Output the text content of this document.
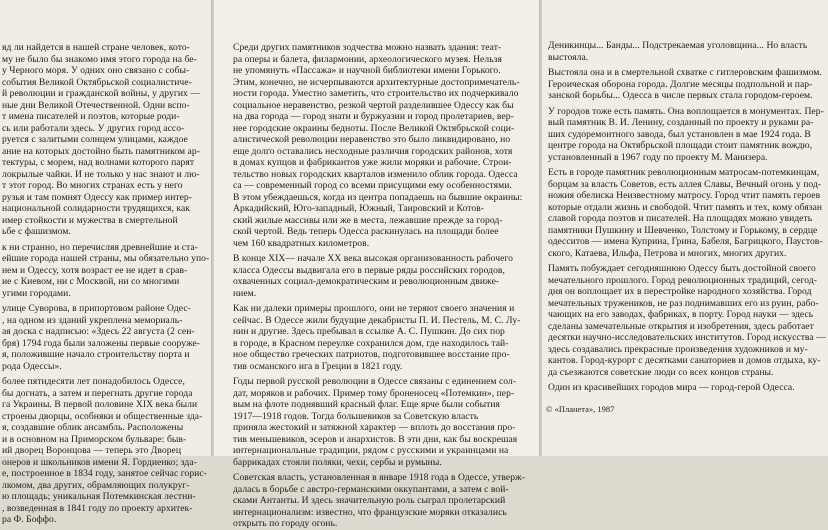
яд ли найдется в нашей стране человек, кото-
му не было бы знакомо имя этого города на бе-
у Черного моря. У одних оно связано с собы-
события Великой Октябрьской социалистиче-
й революции и гражданской войны, у других —
ные дни Великой Отечественной. Одни вспо-
т имена писателей и поэтов, которые роди-
сь или работали здесь. У других город ассо-
руется с залитыми солнцем улицами, каждое
ание на которых достойно быть памятником ар-
тектуры, с морем, над волнами которого парят
локрылые чайки. И не только у нас знают и лю-
т этот город. Во многих странах есть у него
рузья и там помнят Одессу как пример интер-
национальной солидарности трудящихся, как
имер стойкости и мужества в смертельной
ьбе с фашизмом.
к ни странно, но перечисляя древнейшие и ста-
ейшие города нашей страны, мы обязательно упо-
нем и Одессу, хотя возраст ее не идет в срав-
ие с Киевом, ни с Москвой, ни со многими
угими городами.
улице Суворова, в припортовом районе Одес-
, на одном из зданий укреплена мемориаль-
ая доска с надписью: «Здесь 22 августа (2 сен-
бря) 1794 года были заложены первые сооруже-
я, положившие начало строительству порта и
рода Одессы».
более пятидесяти лет понадобилось Одессе,
бы догнать, а затем и перегнать другие города
га Украины. В первой половине XIX века были
строены дворцы, особняки и общественные зда-
я, создавшие облик ансамбль. Расположены
и в основном на Приморском бульваре: быв-
ий дворец Воронцова — теперь это Дворец
онеров и школьников имени Я. Гордиенко; зда-
е, построенное в 1834 году, занятое сейчас горис-
лкомом, два других, обрамляющих полукруг-
ю площадь; уникальная Потемкинская лестни-
, возведенная в 1841 году по проекту архитек-
ра Ф. Боффо.
Среди других памятников зодчества можно назвать здания: теат-
ра оперы и балета, филармонии, археологического музея. Нельзя
не упомянуть «Пассажа» и научной библиотеки имени Горького.
Этим, конечно, не исчерпываются архитектурные достопримечатель-
ности города. Уместно заметить, что строительство их подчеркивало
социальное неравенство, резкой чертой разделившее Одессу как бы
на два города — город знати и буржуазии и город пролетариев, вер-
нее городские окраины бедноты. После Великой Октябрьской соци-
алистической революции неравенство это было ликвидировано, но
еще долго оставались несходные различия городских районов, хотя
в домах купцов и фабрикантов уже жили моряки и рабочие. Строи-
тельство новых городских кварталов изменило облик города. Одесса
са — современный город со всеми присущими ему особенностями.
В этом убеждаешься, когда из центра попадаешь на бывшие окраины:
Аркадийский, Юго-западный, Южный, Таировский и Котов-
ский жилые массивы или же в места, лежавшие прежде за город-
ской чертой. Ведь теперь Одесса раскинулась на площади более
чем 160 квадратных километров.
В конце XIX— начале XX века высокая организованность рабочего
класса Одессы выдвигала его в первые ряды российских городов,
охваченных социал-демократическим и революционным движе-
нием.
Как ни далеки примеры прошлого, они не теряют своего значения и
сейчас. В Одессе жили будущие декабристы П. И. Пестель, М. С. Лу-
нин и другие. Здесь пребывал в ссылке А. С. Пушкин. До сих пор
в городе, в Красном переулке сохранился дом, где находилось тай-
ное общество греческих патриотов, подготовившее восстание про-
тив османского ига в Греции в 1821 году.
Годы первой русской революции в Одессе связаны с единением сол-
дат, моряков и рабочих. Пример тому броненосец «Потемкин», пер-
вым на флоте поднявший красный флаг. Еще ярче были события
1917—1918 годов. Тогда большевиков за Советскую власть
приняла жестокий и затяжной характер — вплоть до восстания про-
тив меньшевиков, эсеров и анархистов. В эти дни, как бы воскрешая
интернациональные традиции, рядом с русскими и украинцами на
баррикадах стояли поляки, чехи, сербы и румыны.
Советская власть, установленная в январе 1918 года в Одессе, утверж-
далась в борьбе с австро-германскими оккупантами, а затем с вой-
сками Антанты. И здесь значительную роль сыграл пролетарский
интернационализм: известно, что французские моряки отказались
открыть по городу огонь.
Деникинцы... Банды... Подстрекаемая уголовщина... Но власть
выстояла.
Выстояла она и в смертельной схватке с гитлеровским фашизмом.
Героическая оборона города. Долгие месяцы подпольной и пар-
занской борьбы... Одесса в числе первых стала городом-героем.
У городов тоже есть память. Она воплощается в монументах. Пер-
вый памятник В. И. Ленину, созданный по проекту и руками ра-
ших судоремонтного завода, был установлен в мае 1924 года. В
центре города на Октябрьской площади стоит памятник вождю,
установленный в 1967 году по проекту М. Манизера.
Есть в городе памятник революционным матросам-потемкинцам,
борцам за власть Советов, есть аллея Славы, Вечный огонь у под-
ножия обелиска Неизвестному матросу. Город чтит память героев
которые отдали жизнь и свободой. Чтит память и тех, кому обязан
славой города поэтов и писателей. На площадях можно увидеть
памятники Пушкину и Шевченко, Толстому и Горькому, в сердце
одесситов — имена Куприна, Грина, Бабеля, Багрицкого, Паустов-
ского, Катаева, Ильфа, Петрова и многих, многих других.
Память побуждает сегодняшнюю Одессу быть достойной своего
мечательного прошлого. Город революционных традиций, сегод-
дня он воплощает их в перестройке народного хозяйства. Город
мечательных тружеников, не раз поднимавших его из руин, рабо-
чающих на его заводах, фабриках, в порту. Город науки — здесь
сделаны замечательные открытия и изобретения, здесь работает
десятки научно-исследовательских институтов. Город искусства —
здесь создавались прекрасные произведения художников и му-
кантов. Город-курорт с десятками санаториев и домов отдыха, ку-
да съезжаются советские люди со всех концов страны.
Один из красивейших городов мира — город-герой Одесса.
© «Планета», 1987
